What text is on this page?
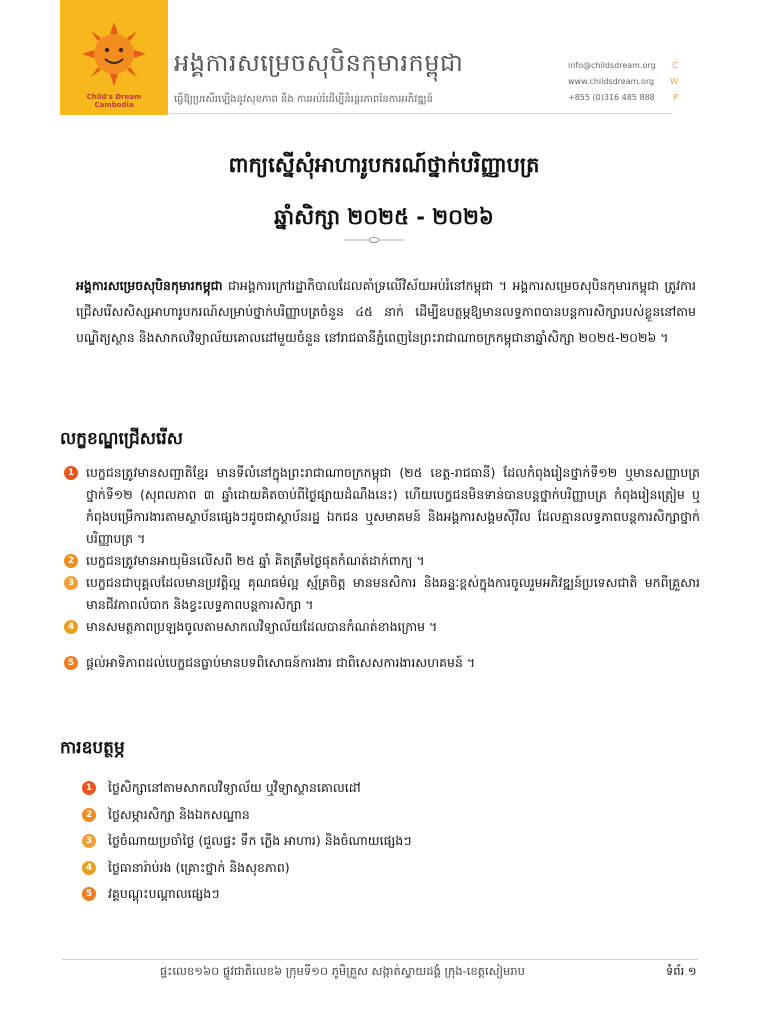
Child's Dream Cambodia
អង្គការសម្រេចសុបិនកុមារកម្ពុជា
ធ្វើឱ្យប្រសើរឡើងនូវសុខភាព និង ការអប់រំដើម្បីនិរន្តរភាពនៃការអភិវឌ្ឍន៍
info@childsdream.org C
www.childsdream.org W
+855 (0)316 485 888 P
ពាក្យស្នើសុំអាហារូបករណ៍ថ្នាក់បរិញ្ញាបត្រ
ឆ្នាំសិក្សា ២០២៥ - ២០២៦
អង្គការសម្រេចសុបិនកុមារកម្ពុជា ជាអង្គការក្រៅរដ្ឋាភិបាលដែលគាំទ្រលើវិស័យអប់រំនៅកម្ពុជា ។ អង្គការសម្រេចសុបិនកុមារកម្ពុជា ត្រូវការជ្រើសរើសសិស្សអាហារូបករណ៍សម្រាប់ថ្នាក់បរិញ្ញាបត្រចំនួន ៤៥ នាក់ ដើម្បីឧបត្ថម្ភឱ្យមានលទ្ធភាពបានបន្តការសិក្សារបស់ខ្លួននៅតាមបណ្ឌិត្យស្ថាន និងសាកលវិទ្យាល័យគោលដៅមួយចំនួន នៅរាជធានីភ្នំពេញនៃព្រះរាជាណាចក្រកម្ពុជានាឆ្នាំសិក្សា ២០២៥-២០២៦ ។
លក្ខខណ្ឌជ្រើសរើស
1 បេក្ខជនត្រូវមានសញ្ជាតិខ្មែរ មានទីលំនៅក្នុងព្រះរាជាណាចក្រកម្ពុជា (២៥ ខេត្ត-រាជធានី) ដែលកំពុងរៀនថ្នាក់ទី១២ ឬមានសញ្ញាបត្រថ្នាក់ទី១២ (សុពលភាព ៣ ឆ្នាំដោយគិតចាប់ពីថ្ងៃផ្សាយដំណឹងនេះ) ហើយបេក្ខជនមិនទាន់បានបន្តថ្នាក់បរិញ្ញាបត្រ កំពុងរៀនត្រៀម ឬកំពុងបម្រើការងារតាមស្ថាប័នផ្សេងៗដូចជាស្ថាប័នរដ្ឋ ឯកជន ឬសមាគមន៍ និងអង្គការសង្គមស៊ីវិល ដែលគ្មានលទ្ធភាពបន្តការសិក្សាថ្នាក់បរិញ្ញាបត្រ ។
2 បេក្ខជនត្រូវមានអាយុមិនលើសពី ២៥ ឆ្នាំ គិតត្រឹមថ្ងៃផុតកំណត់ដាក់ពាក្យ ។
3 បេក្ខជនជាបុគ្គលដែលមានប្រវត្តិល្អ គុណធម៌ល្អ ស្ម័គ្រចិត្ត មានមនសិការ និងឆន្ទៈខ្ពស់ក្នុងការចូលរួមអភិវឌ្ឍន៍ប្រទេសជាតិ មកពីគ្រួសារមានជីវភាពលំបាក និងខ្វះលទ្ធភាពបន្តការសិក្សា ។
4 មានសមត្ថភាពប្រឡងចូលតាមសាកលវិទ្យាល័យដែលបានកំណត់ខាងក្រោម ។
5 ផ្តល់អាទិភាពដល់បេក្ខជនធ្លាប់មានបទពិសោធន៍ការងារ ជាពិសេសការងារសហគមន៍ ។
ការឧបត្ថម្ភ
1	ថ្លៃសិក្សានៅតាមសាកលវិទ្យាល័យ ឬវិទ្យាស្ថានគោលដៅ
2	ថ្លៃសម្ភារសិក្សា និងឯកសណ្ឋាន
3	ថ្លៃចំណាយប្រចាំថ្ងៃ (ជួលផ្ទះ ទឹក ភ្លើង អាហារ) និងចំណាយផ្សេងៗ
4	ថ្លៃធានារ៉ាប់រង (គ្រោះថ្នាក់ និងសុខភាព)
5	វគ្គបណ្តុះបណ្តាលផ្សេងៗ
ផ្ទះលេខ១៦០ ផ្លូវជាតិលេខ៦ ក្រុមទី១០ ភូមិគ្រួស សង្កាត់ស្វាយដង្គំ ក្រុង-ខេត្តសៀមរាប	ទំព័រ ១
